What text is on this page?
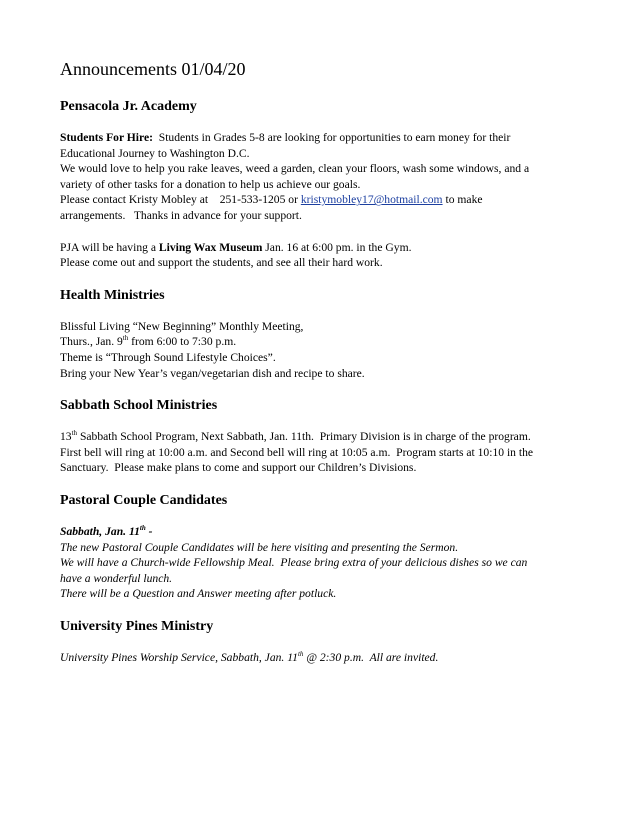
Announcements 01/04/20
Pensacola Jr. Academy
Students For Hire:  Students in Grades 5-8 are looking for opportunities to earn money for their
Educational Journey to Washington D.C.
We would love to help you rake leaves, weed a garden, clean your floors, wash some windows, and a
variety of other tasks for a donation to help us achieve our goals.
Please contact Kristy Mobley at    251-533-1205 or kristymobley17@hotmail.com to make
arrangements.   Thanks in advance for your support.
PJA will be having a Living Wax Museum Jan. 16 at 6:00 pm. in the Gym.
Please come out and support the students, and see all their hard work.
Health Ministries
Blissful Living “New Beginning” Monthly Meeting,
Thurs., Jan. 9th from 6:00 to 7:30 p.m.
Theme is “Through Sound Lifestyle Choices”.
Bring your New Year’s vegan/vegetarian dish and recipe to share.
Sabbath School Ministries
13th Sabbath School Program, Next Sabbath, Jan. 11th.  Primary Division is in charge of the program.
First bell will ring at 10:00 a.m. and Second bell will ring at 10:05 a.m.  Program starts at 10:10 in the
Sanctuary.  Please make plans to come and support our Children’s Divisions.
Pastoral Couple Candidates
Sabbath, Jan. 11th -
The new Pastoral Couple Candidates will be here visiting and presenting the Sermon.
We will have a Church-wide Fellowship Meal.  Please bring extra of your delicious dishes so we can
have a wonderful lunch.
There will be a Question and Answer meeting after potluck.
University Pines Ministry
University Pines Worship Service, Sabbath, Jan. 11th @ 2:30 p.m.  All are invited.
